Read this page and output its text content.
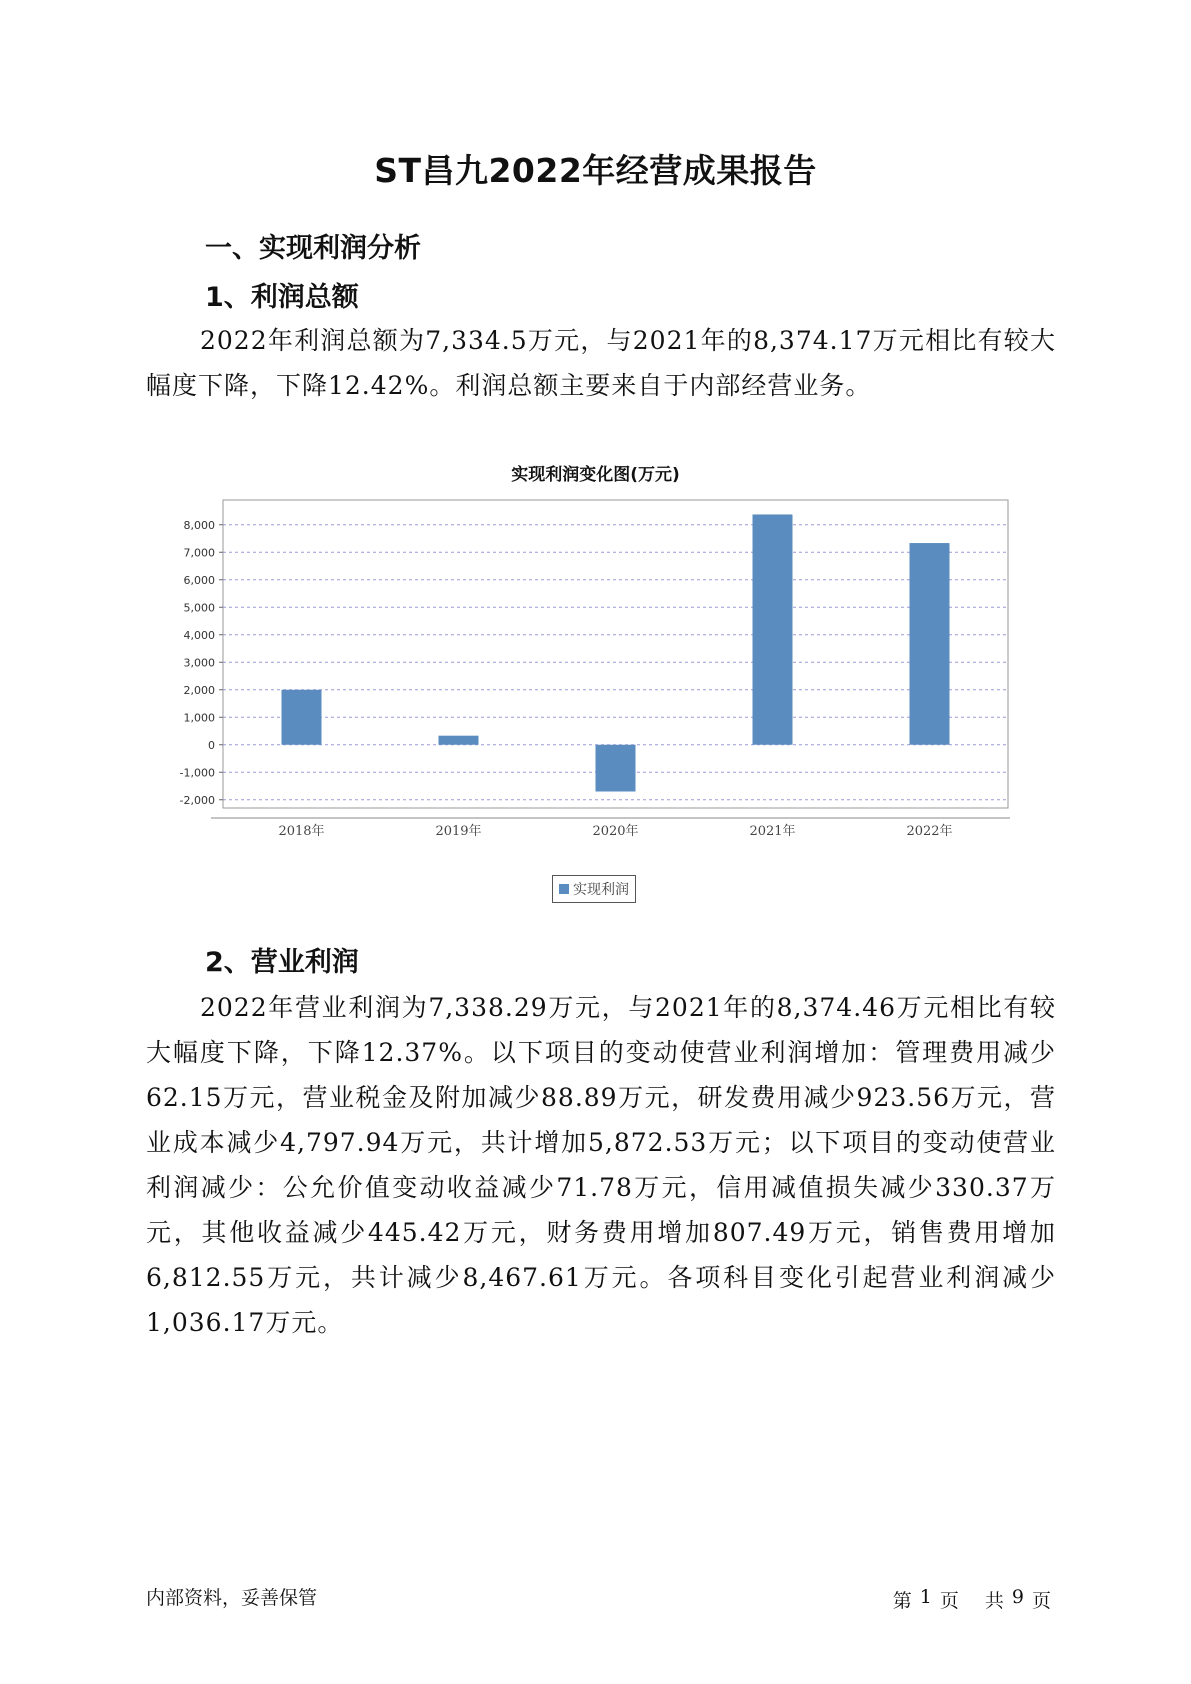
ST昌九2022年经营成果报告
一、实现利润分析
1、利润总额

2022年利润总额为7,334.5万元，与2021年的8,374.17万元相比有较大幅度下降，下降12.42%。利润总额主要来自于内部经营业务。

实现利润变化图(万元)
8,000
7,000
6,000
5,000
4,000
3,000
2,000
1,000
0
-1,000
-2,000
2018年	2019年	2020年	2021年	2022年
实现利润
2、营业利润

2022年营业利润为7,338.29万元，与2021年的8,374.46万元相比有较大幅度下降，下降12.37%。以下项目的变动使营业利润增加：管理费用减少62.15万元，营业税金及附加减少88.89万元，研发费用减少923.56万元，营业成本减少4,797.94万元，共计增加5,872.53万元；以下项目的变动使营业利润减少：公允价值变动收益减少71.78万元，信用减值损失减少330.37万元，其他收益减少445.42万元，财务费用增加807.49万元，销售费用增加6,812.55万元，共计减少8,467.61万元。各项科目变化引起营业利润减少1,036.17万元。

内部资料，妥善保管	第 1 页 共 9 页
